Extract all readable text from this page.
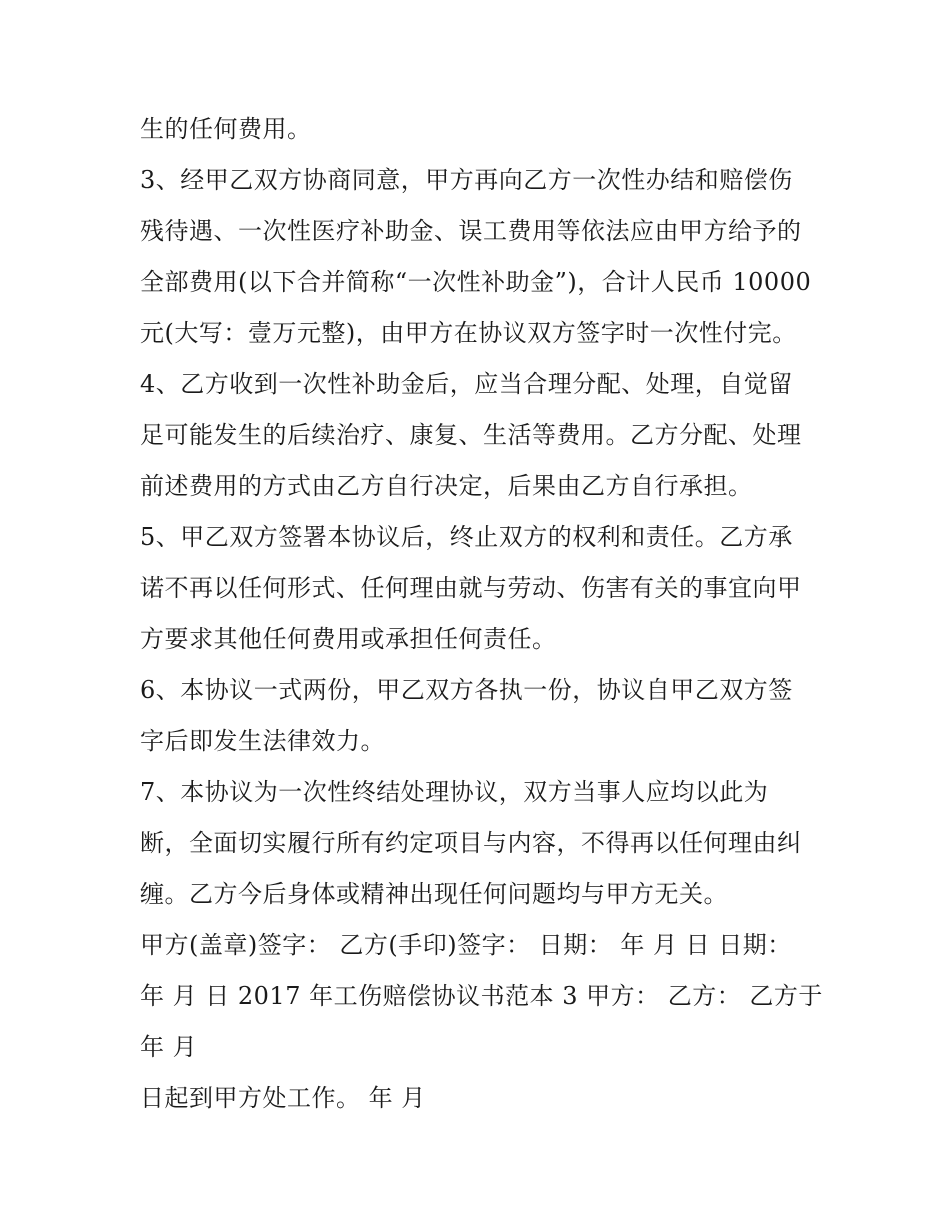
生的任何费用。
3、经甲乙双方协商同意，甲方再向乙方一次性办结和赔偿伤
残待遇、一次性医疗补助金、误工费用等依法应由甲方给予的
全部费用(以下合并简称“一次性补助金”)，合计人民币 10000
元(大写：壹万元整)，由甲方在协议双方签字时一次性付完。
4、乙方收到一次性补助金后，应当合理分配、处理，自觉留
足可能发生的后续治疗、康复、生活等费用。乙方分配、处理
前述费用的方式由乙方自行决定，后果由乙方自行承担。
5、甲乙双方签署本协议后，终止双方的权利和责任。乙方承
诺不再以任何形式、任何理由就与劳动、伤害有关的事宜向甲
方要求其他任何费用或承担任何责任。
6、本协议一式两份，甲乙双方各执一份，协议自甲乙双方签
字后即发生法律效力。
7、本协议为一次性终结处理协议，双方当事人应均以此为
断，全面切实履行所有约定项目与内容，不得再以任何理由纠
缠。乙方今后身体或精神出现任何问题均与甲方无关。
甲方(盖章)签字： 乙方(手印)签字： 日期： 年 月 日 日期：
年 月 日 2017 年工伤赔偿协议书范本 3 甲方： 乙方： 乙方于
年 月
日起到甲方处工作。 年 月
